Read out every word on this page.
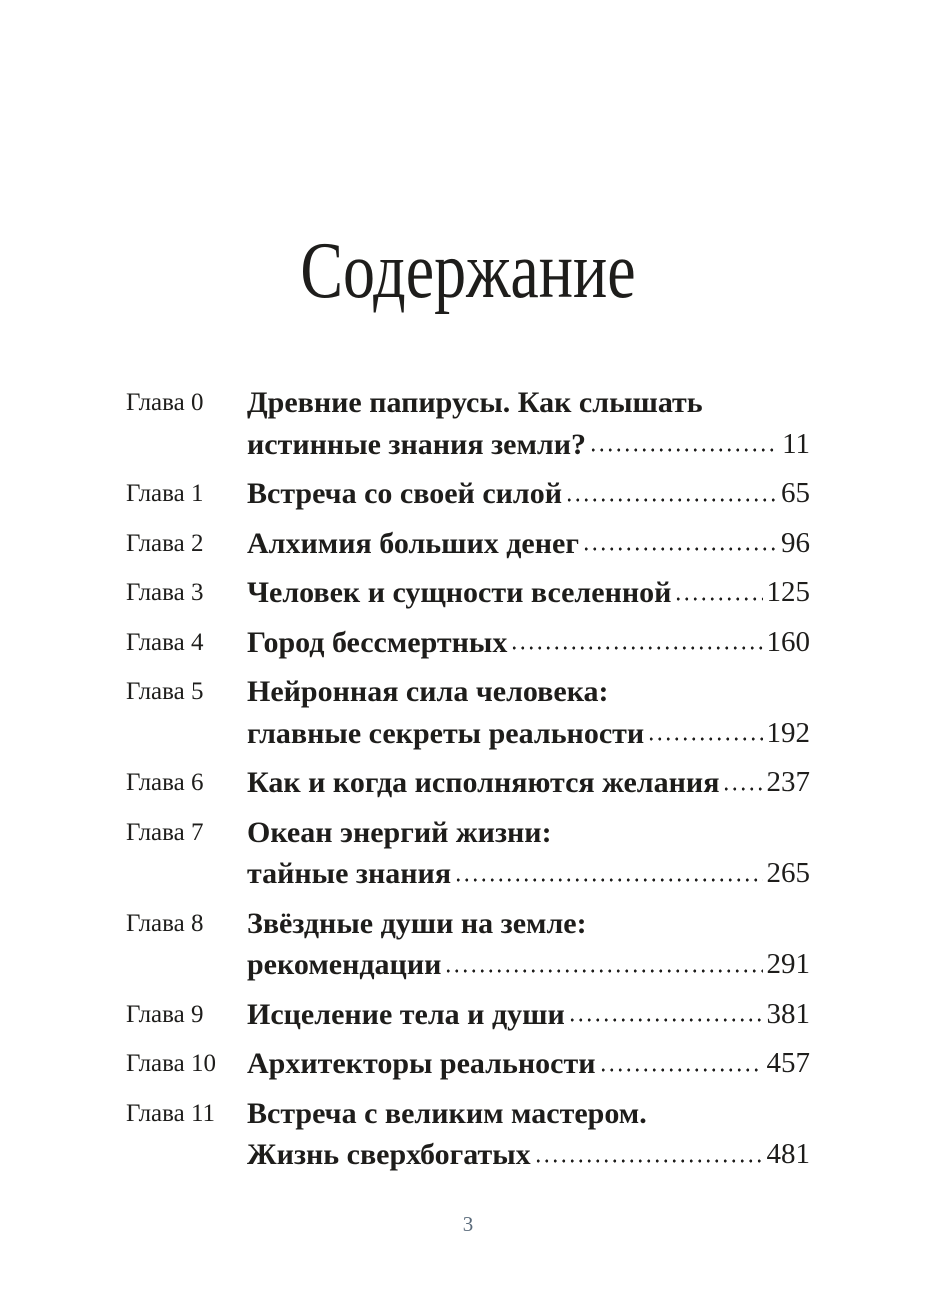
Содержание
Глава 0	Древние папирусы. Как слышать
истинные знания земли?	11
Глава 1	Встреча со своей силой	65
Глава 2	Алхимия больших денег	96
Глава 3	Человек и сущности вселенной	125
Глава 4	Город бессмертных	160
Глава 5	Нейронная сила человека:
главные секреты реальности	192
Глава 6	Как и когда исполняются желания 237
Глава 7	Океан энергий жизни:
тайные знания	265
Глава 8	Звёздные души на земле:
рекомендации	291
Глава 9	Исцеление тела и души	381
Глава 10	Архитекторы реальности	457
Глава 11	Встреча с великим мастером.
Жизнь сверхбогатых	481
3
